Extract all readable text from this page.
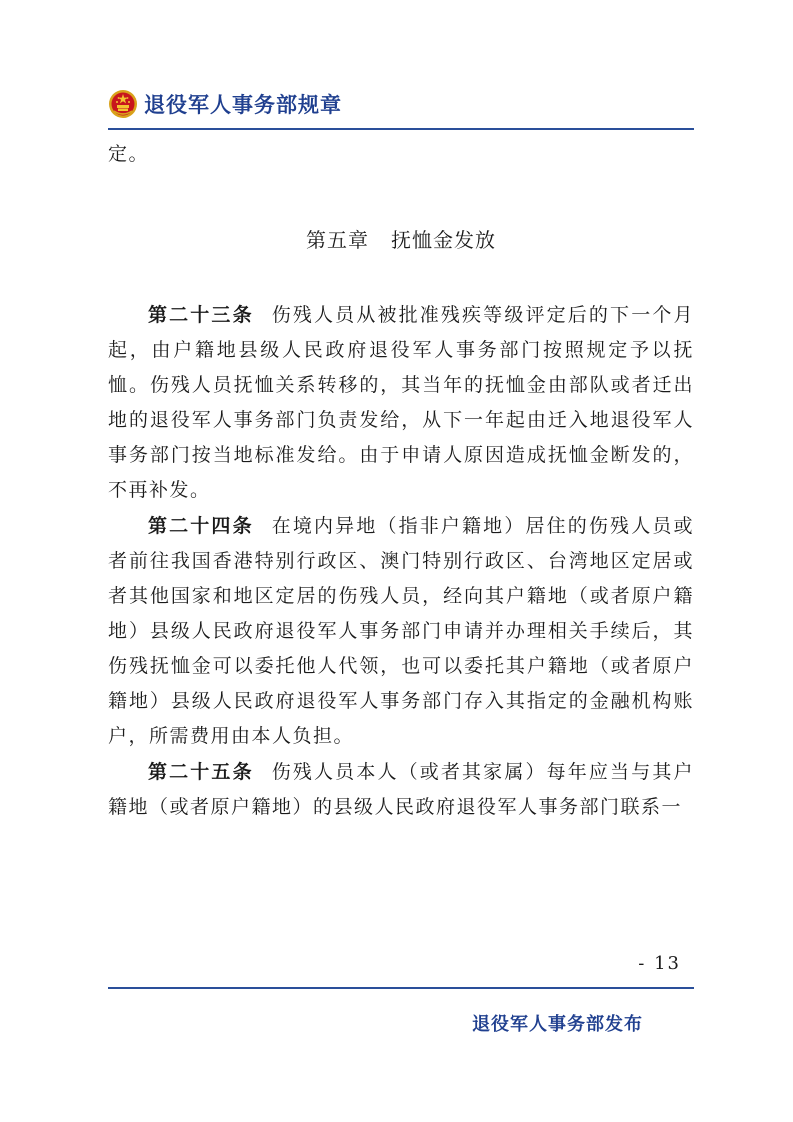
退役军人事务部规章
定。
第五章 抚恤金发放

第二十三条 伤残人员从被批准残疾等级评定后的下一个月起，由户籍地县级人民政府退役军人事务部门按照规定予以抚恤。伤残人员抚恤关系转移的，其当年的抚恤金由部队或者迁出地的退役军人事务部门负责发给，从下一年起由迁入地退役军人事务部门按当地标准发给。由于申请人原因造成抚恤金断发的，不再补发。

第二十四条 在境内异地（指非户籍地）居住的伤残人员或者前往我国香港特别行政区、澳门特别行政区、台湾地区定居或者其他国家和地区定居的伤残人员，经向其户籍地（或者原户籍地）县级人民政府退役军人事务部门申请并办理相关手续后，其伤残抚恤金可以委托他人代领，也可以委托其户籍地（或者原户籍地）县级人民政府退役军人事务部门存入其指定的金融机构账户，所需费用由本人负担。

第二十五条 伤残人员本人（或者其家属）每年应当与其户籍地（或者原户籍地）的县级人民政府退役军人事务部门联系一

- 13
退役军人事务部发布
